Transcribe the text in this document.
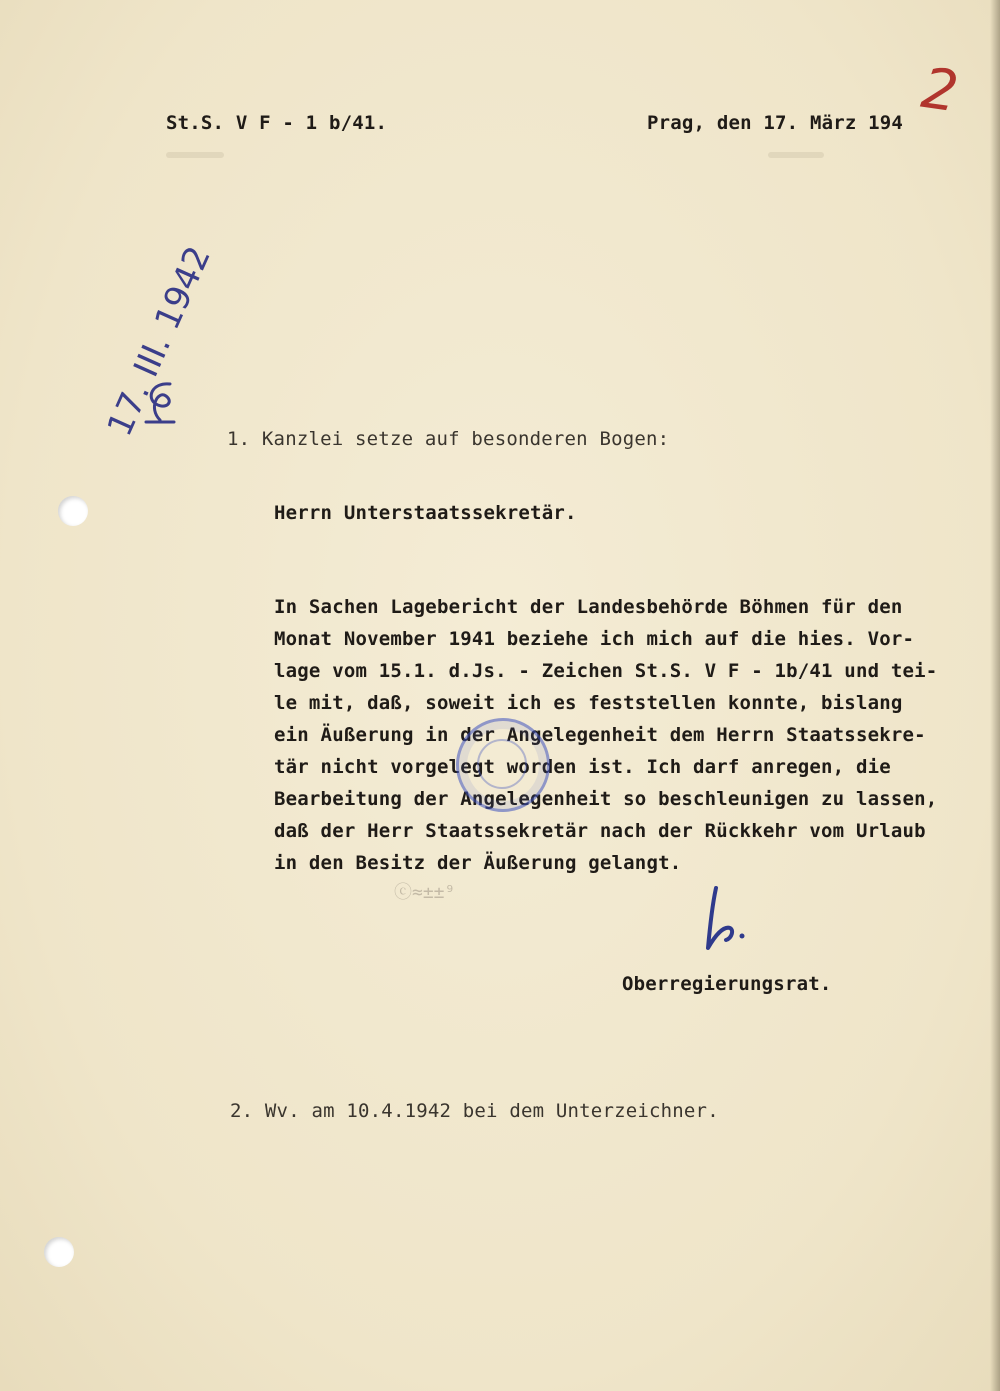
St.S. V F - 1 b/41.	Prag, den 17. März 194 2
17. III. 1942 1. Kanzlei setze auf besonderen Bogen:
Herrn Unterstaatssekretär.
In Sachen Lagebericht der Landesbehörde Böhmen für den
Monat November 1941 beziehe ich mich auf die hies. Vor-
lage vom 15.1. d.Js. - Zeichen St.S. V F - 1b/41 und tei-
le mit, daß, soweit ich es feststellen konnte, bislang
ein Äußerung in der Angelegenheit dem Herrn Staatssekre-
tär nicht vorgelegt worden ist. Ich darf anregen, die
Bearbeitung der Angelegenheit so beschleunigen zu lassen,
daß der Herr Staatssekretär nach der Rückkehr vom Urlaub
in den Besitz der Äußerung gelangt.
ⓒ≈±±⁹
Oberregierungsrat.
2. Wv. am 10.4.1942 bei dem Unterzeichner.
